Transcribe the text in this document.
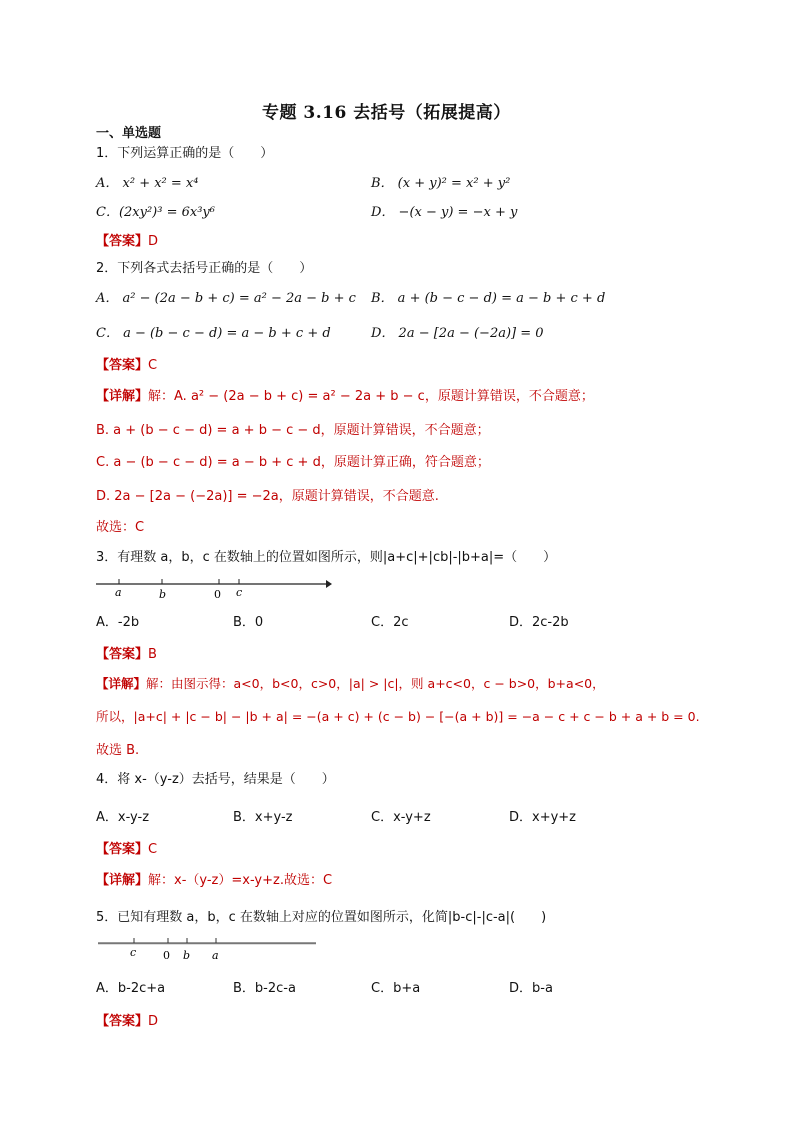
专题 3.16 去括号（拓展提高）
一、单选题
1．下列运算正确的是（　　）
A． x² + x² = x⁴	B． (x + y)² = x² + y²
C．(2xy²)³ = 6x³y⁶	D． −(x − y) = −x + y
【答案】D
2．下列各式去括号正确的是（　　）
A． a² − (2a − b + c) = a² − 2a − b + c B． a + (b − c − d) = a − b + c + d
C． a − (b − c − d) = a − b + c + d	D． 2a − [2a − (−2a)] = 0
【答案】C
【详解】解：A. a² − (2a − b + c) = a² − 2a + b − c，原题计算错误，不合题意；
B. a + (b − c − d) = a + b − c − d，原题计算错误，不合题意；
C. a − (b − c − d) = a − b + c + d，原题计算正确，符合题意；
D. 2a − [2a − (−2a)] = −2a，原题计算错误，不合题意.
故选：C
3．有理数 a，b，c 在数轴上的位置如图所示，则|a+c|+|cb|-|b+a|=（　　）
a	b	0 c
A．-2b	B．0	C．2c	D．2c-2b
【答案】B
【详解】解：由图示得：a<0，b<0，c>0，|a| > |c|，则 a+c<0，c − b>0，b+a<0，
所以，|a+c| + |c − b| − |b + a| = −(a + c) + (c − b) − [−(a + b)] = −a − c + c − b + a + b = 0.
故选 B.
4．将 x-（y-z）去括号，结果是（　　）
A．x-y-z	B．x+y-z	C．x-y+z	D．x+y+z
【答案】C
【详解】解：x-（y-z）=x-y+z.故选：C
5．已知有理数 a，b，c 在数轴上对应的位置如图所示，化简|b-c|-|c-a|(　　)
c 0 b a
A．b-2c+a	B．b-2c-a	C．b+a	D．b-a
【答案】D
